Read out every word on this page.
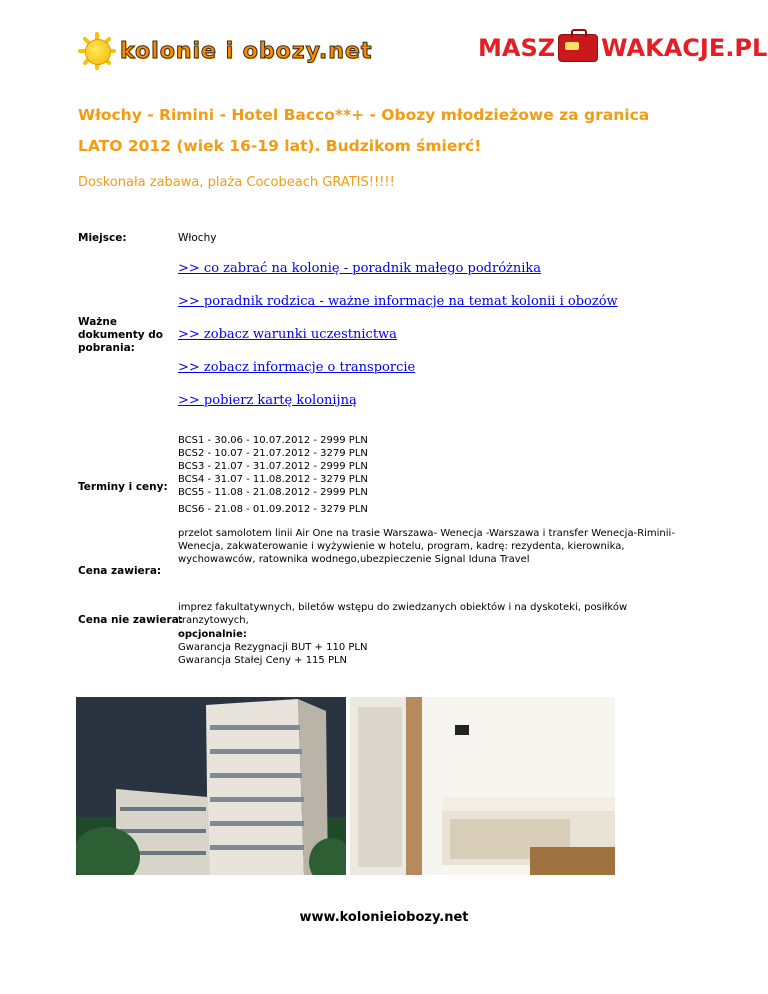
kolonie i obozy.net	MASZ WAKACJE.PL
Włochy - Rimini - Hotel Bacco**+ - Obozy młodzieżowe za granica
LATO 2012 (wiek 16-19 lat). Budzikom śmierć!
Doskonała zabawa, plaża Cocobeach GRATIS!!!!!
Miejsce:	Włochy
>> co zabrać na kolonię - poradnik małego podróżnika
>> poradnik rodzica - ważne informacje na temat kolonii i obozów
Ważne dokumenty do pobrania:
>> zobacz warunki uczestnictwa
>> zobacz informacje o transporcie
>> pobierz kartę kolonijną
Terminy i ceny:
BCS1 - 30.06 - 10.07.2012 - 2999 PLN
BCS2 - 10.07 - 21.07.2012 - 3279 PLN
BCS3 - 21.07 - 31.07.2012 - 2999 PLN
BCS4 - 31.07 - 11.08.2012 - 3279 PLN
BCS5 - 11.08 - 21.08.2012 - 2999 PLN
BCS6 - 21.08 - 01.09.2012 - 3279 PLN
przelot samolotem linii Air One na trasie Warszawa- Wenecja -Warszawa i transfer Wenecja-Riminii-Wenecja, zakwaterowanie i wyżywienie w hotelu, program, kadrę: rezydenta, kierownika, wychowawców, ratownika wodnego,ubezpieczenie Signal Iduna Travel
Cena zawiera:
Cena nie zawiera:
imprez fakultatywnych, biletów wstępu do zwiedzanych obiektów i na dyskoteki, posiłków tranzytowych,
opcjonalnie:
Gwarancja Rezygnacji BUT + 110 PLN
Gwarancja Stałej Ceny + 115 PLN
www.kolonieiobozy.net
